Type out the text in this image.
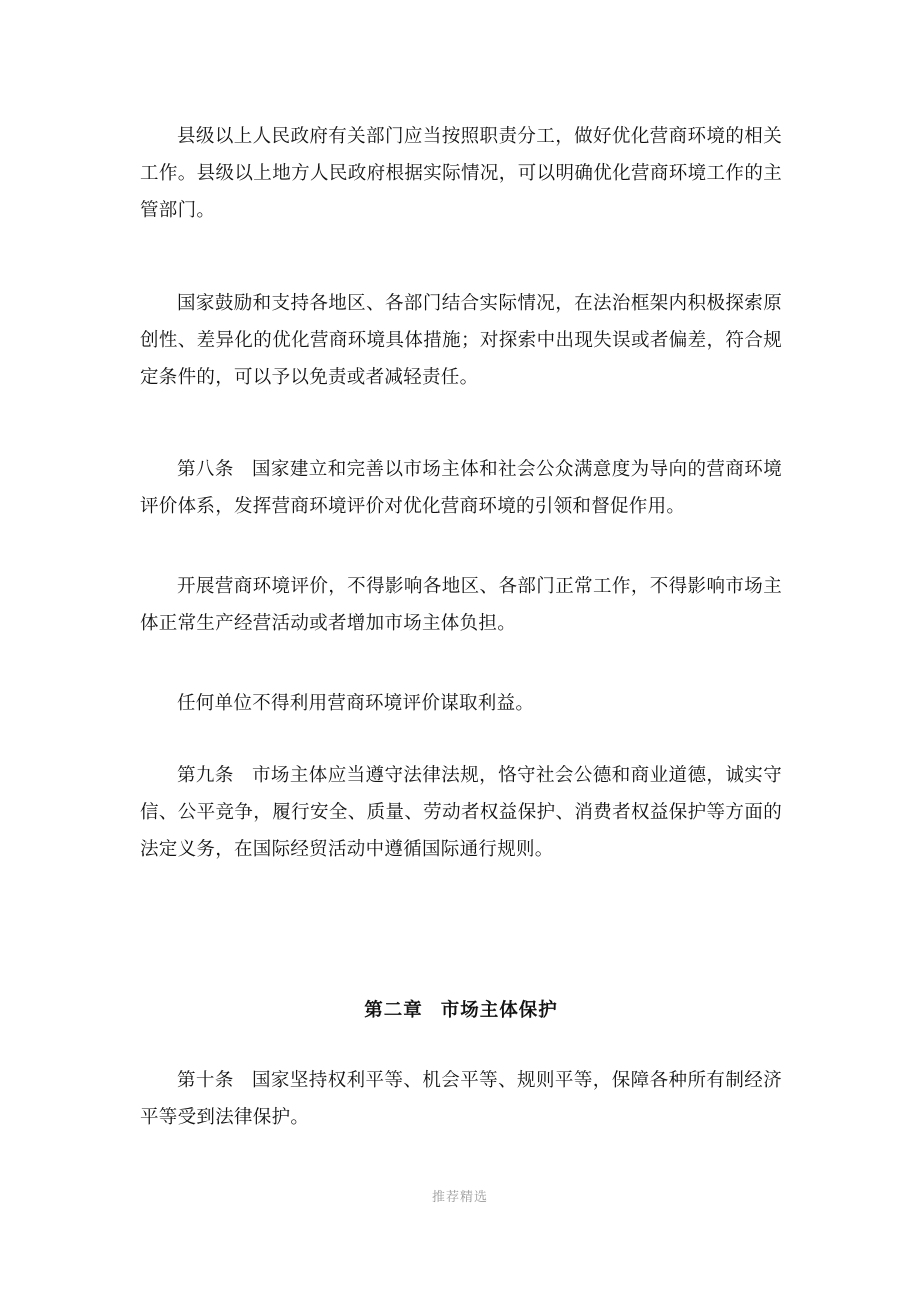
县级以上人民政府有关部门应当按照职责分工，做好优化营商环境的相关工作。县级以上地方人民政府根据实际情况，可以明确优化营商环境工作的主管部门。

国家鼓励和支持各地区、各部门结合实际情况，在法治框架内积极探索原创性、差异化的优化营商环境具体措施；对探索中出现失误或者偏差，符合规定条件的，可以予以免责或者减轻责任。

第八条 国家建立和完善以市场主体和社会公众满意度为导向的营商环境评价体系，发挥营商环境评价对优化营商环境的引领和督促作用。

开展营商环境评价，不得影响各地区、各部门正常工作，不得影响市场主体正常生产经营活动或者增加市场主体负担。

任何单位不得利用营商环境评价谋取利益。

第九条 市场主体应当遵守法律法规，恪守社会公德和商业道德，诚实守信、公平竞争，履行安全、质量、劳动者权益保护、消费者权益保护等方面的法定义务，在国际经贸活动中遵循国际通行规则。

第二章 市场主体保护

第十条 国家坚持权利平等、机会平等、规则平等，保障各种所有制经济平等受到法律保护。

推荐精选
